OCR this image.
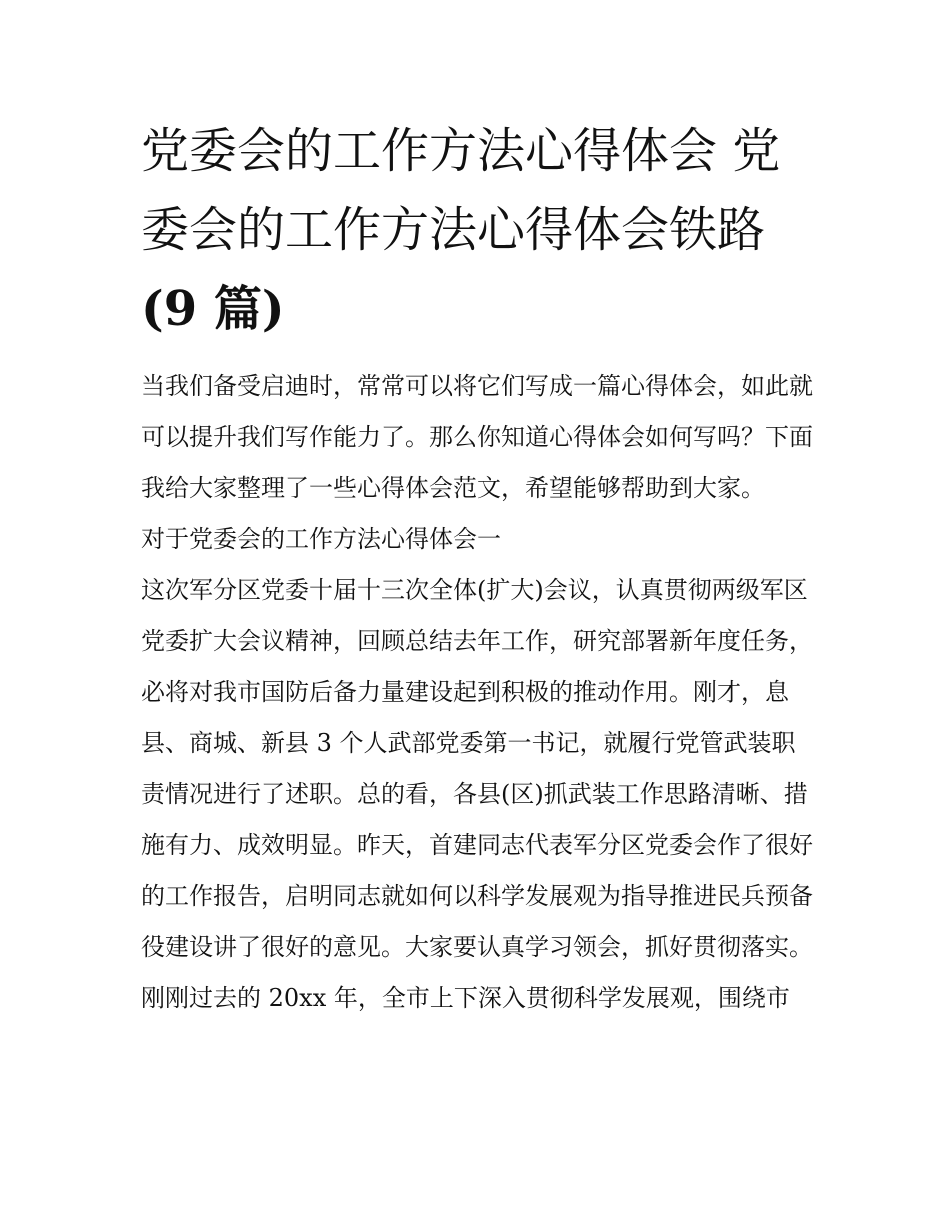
党委会的工作方法心得体会 党委会的工作方法心得体会铁路
(9 篇)

当我们备受启迪时，常常可以将它们写成一篇心得体会，如此就可以提升我们写作能力了。那么你知道心得体会如何写吗？下面我给大家整理了一些心得体会范文，希望能够帮助到大家。

对于党委会的工作方法心得体会一

这次军分区党委十届十三次全体(扩大)会议，认真贯彻两级军区党委扩大会议精神，回顾总结去年工作，研究部署新年度任务，必将对我市国防后备力量建设起到积极的推动作用。刚才，息县、商城、新县 3 个人武部党委第一书记，就履行党管武装职责情况进行了述职。总的看，各县(区)抓武装工作思路清晰、措施有力、成效明显。昨天，首建同志代表军分区党委会作了很好的工作报告，启明同志就如何以科学发展观为指导推进民兵预备役建设讲了很好的意见。大家要认真学习领会，抓好贯彻落实。

刚刚过去的 20xx 年，全市上下深入贯彻科学发展观，围绕市
